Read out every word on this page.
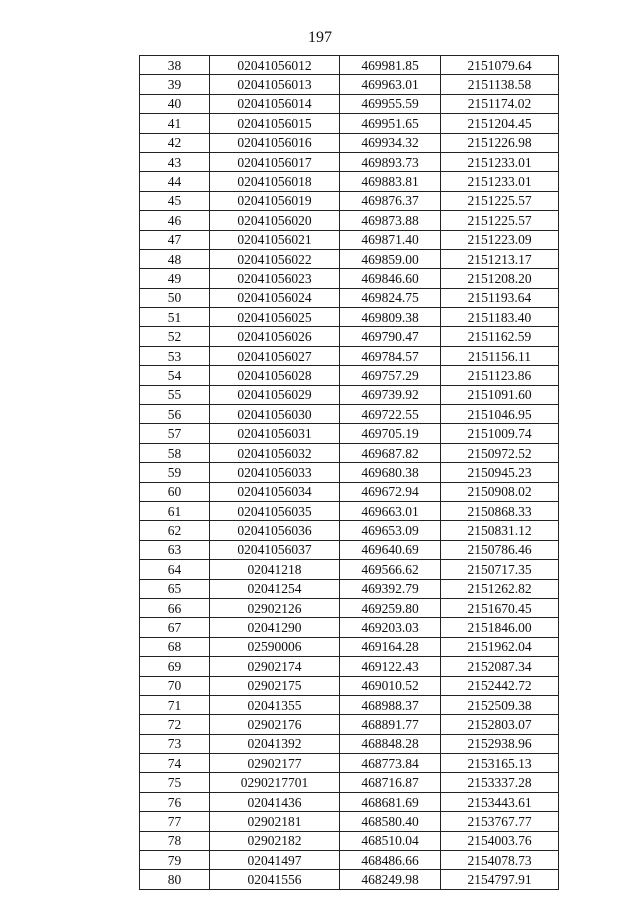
197
38	02041056012	469981.85	2151079.64
39	02041056013	469963.01	2151138.58
40	02041056014	469955.59	2151174.02
41	02041056015	469951.65	2151204.45
42	02041056016	469934.32	2151226.98
43	02041056017	469893.73	2151233.01
44	02041056018	469883.81	2151233.01
45	02041056019	469876.37	2151225.57
46	02041056020	469873.88	2151225.57
47	02041056021	469871.40	2151223.09
48	02041056022	469859.00	2151213.17
49	02041056023	469846.60	2151208.20
50	02041056024	469824.75	2151193.64
51	02041056025	469809.38	2151183.40
52	02041056026	469790.47	2151162.59
53	02041056027	469784.57	2151156.11
54	02041056028	469757.29	2151123.86
55	02041056029	469739.92	2151091.60
56	02041056030	469722.55	2151046.95
57	02041056031	469705.19	2151009.74
58	02041056032	469687.82	2150972.52
59	02041056033	469680.38	2150945.23
60	02041056034	469672.94	2150908.02
61	02041056035	469663.01	2150868.33
62	02041056036	469653.09	2150831.12
63	02041056037	469640.69	2150786.46
64	02041218	469566.62	2150717.35
65	02041254	469392.79	2151262.82
66	02902126	469259.80	2151670.45
67	02041290	469203.03	2151846.00
68	02590006	469164.28	2151962.04
69	02902174	469122.43	2152087.34
70	02902175	469010.52	2152442.72
71	02041355	468988.37	2152509.38
72	02902176	468891.77	2152803.07
73	02041392	468848.28	2152938.96
74	02902177	468773.84	2153165.13
75	0290217701	468716.87	2153337.28
76	02041436	468681.69	2153443.61
77	02902181	468580.40	2153767.77
78	02902182	468510.04	2154003.76
79	02041497	468486.66	2154078.73
80	02041556	468249.98	2154797.91
